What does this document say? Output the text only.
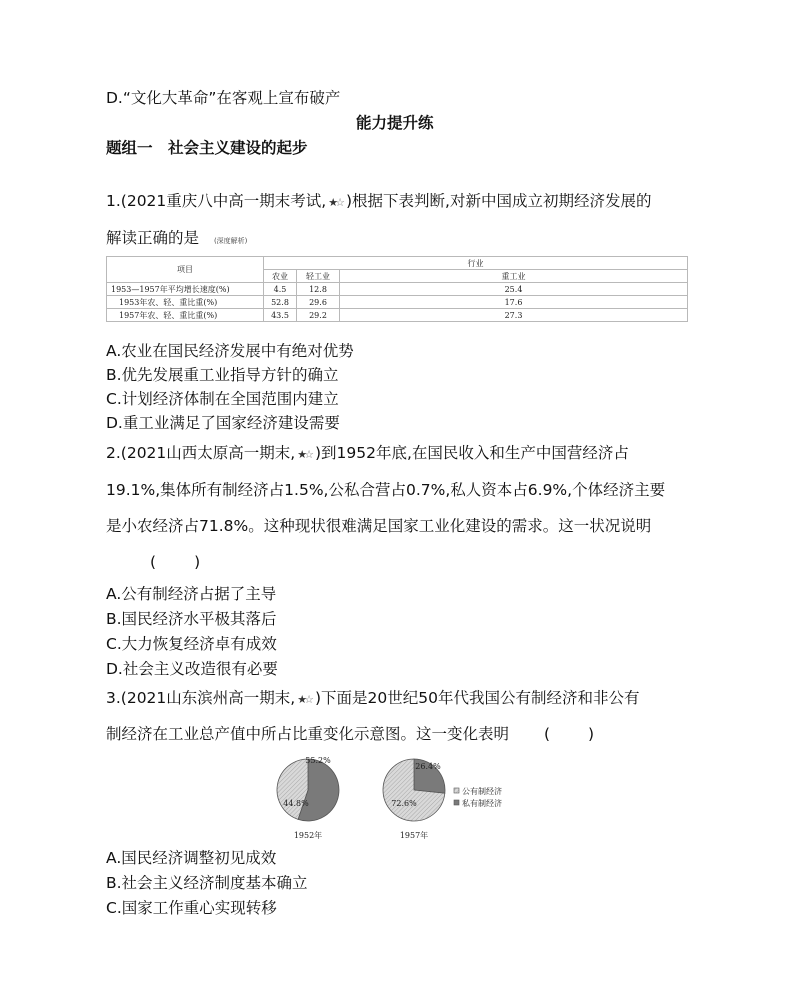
D.“文化大革命”在客观上宣布破产
能力提升练
题组一　社会主义建设的起步
1.(2021重庆八中高一期末考试, ★☆ )根据下表判断,对新中国成立初期经济发展的
解读正确的是 (深度解析)
项目	行业		
	农业	轻工业	重工业
1953—1957年平均增长速度(%)	4.5	12.8	25.4
1953年农、轻、重比重(%)	52.8	29.6	17.6
1957年农、轻、重比重(%)	43.5	29.2	27.3
A.农业在国民经济发展中有绝对优势
B.优先发展重工业指导方针的确立
C.计划经济体制在全国范围内建立
D.重工业满足了国家经济建设需要
2.(2021山西太原高一期末, ★☆ )到1952年底,在国民收入和生产中国营经济占
19.1%,集体所有制经济占1.5%,公私合营占0.7%,私人资本占6.9%,个体经济主要
是小农经济占71.8%。这种现状很难满足国家工业化建设的需求。这一状况说明
( )
A.公有制经济占据了主导
B.国民经济水平极其落后
C.大力恢复经济卓有成效
D.社会主义改造很有必要
3.(2021山东滨州高一期末, ★☆ )下面是20世纪50年代我国公有制经济和非公有
制经济在工业总产值中所占比重变化示意图。这一变化表明 ( )
44.8%
55.2%
1952年
72.6%
26.4%
1957年
公有制经济
私有制经济
A.国民经济调整初见成效
B.社会主义经济制度基本确立
C.国家工作重心实现转移
